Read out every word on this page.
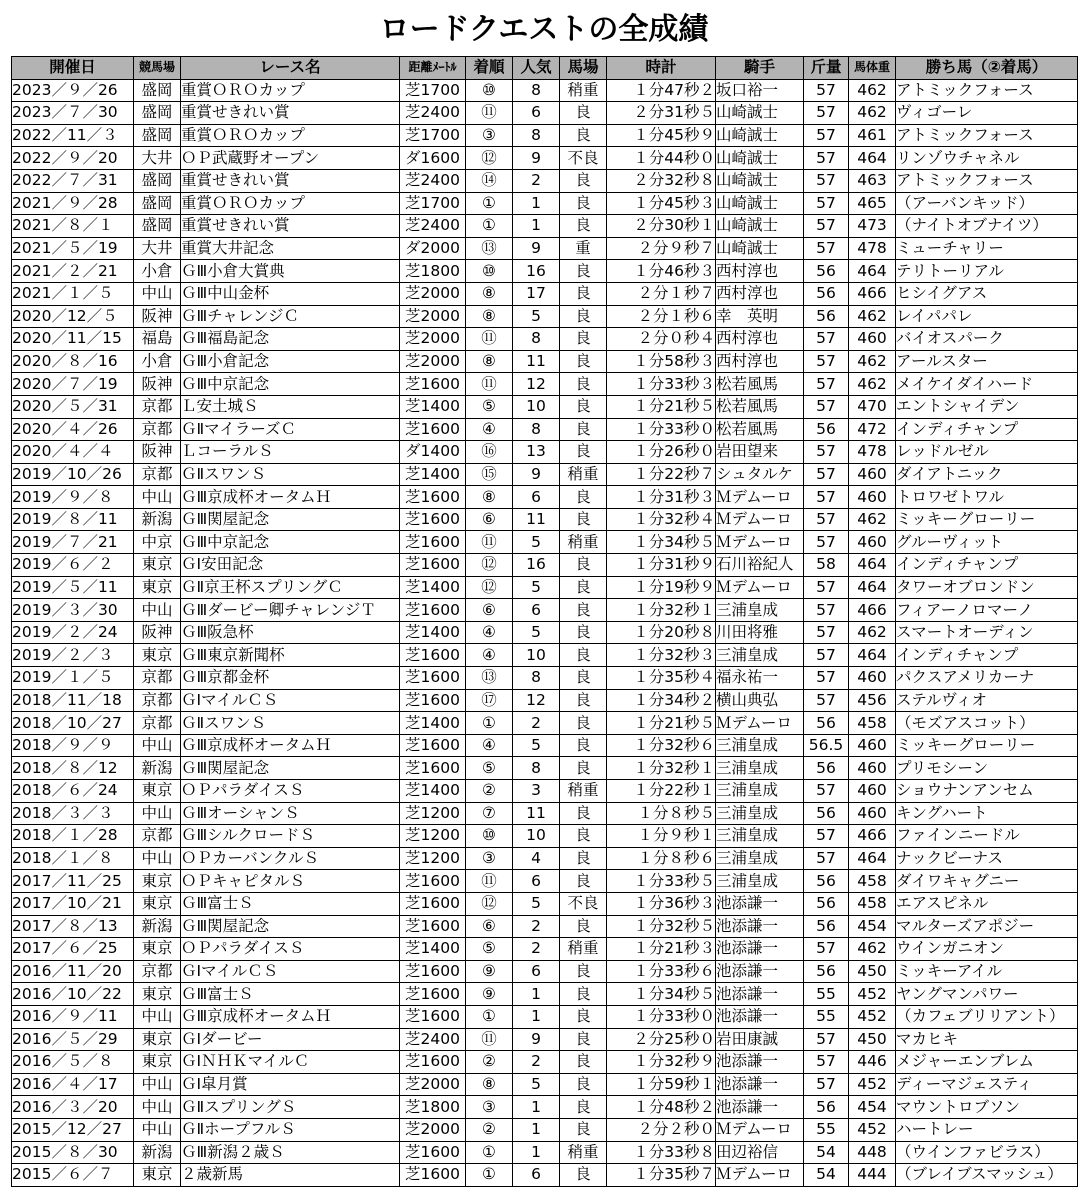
ロードクエストの全成績
開催日	競馬場	レース名	距離ﾒｰﾄﾙ	着順	人気	馬場	時計	騎手	斤量	馬体重	勝ち馬（②着馬）
2023／９／26	盛岡	重賞ＯＲＯカップ	芝1700	⑩	8	稍重	１分47秒２	坂口裕一	57	462	アトミックフォース
2023／７／30	盛岡	重賞せきれい賞	芝2400	⑪	6	良	２分31秒５	山崎誠士	57	462	ヴィゴーレ
2022／11／３	盛岡	重賞ＯＲＯカップ	芝1700	③	8	良	１分45秒９	山崎誠士	57	461	アトミックフォース
2022／９／20	大井	ＯＰ武蔵野オープン	ダ1600	⑫	9	不良	１分44秒０	山崎誠士	57	464	リンゾウチャネル
2022／７／31	盛岡	重賞せきれい賞	芝2400	⑭	2	良	２分32秒８	山崎誠士	57	463	アトミックフォース
2021／９／28	盛岡	重賞ＯＲＯカップ	芝1700	①	1	良	１分45秒３	山崎誠士	57	465	（アーバンキッド）
2021／８／１	盛岡	重賞せきれい賞	芝2400	①	1	良	２分30秒１	山崎誠士	57	473	（ナイトオブナイツ）
2021／５／19	大井	重賞大井記念	ダ2000	⑬	9	重	２分９秒７	山崎誠士	57	478	ミューチャリー
2021／２／21	小倉	ＧⅢ小倉大賞典	芝1800	⑩	16	良	１分46秒３	西村淳也	56	464	テリトーリアル
2021／１／５	中山	ＧⅢ中山金杯	芝2000	⑧	17	良	２分１秒７	西村淳也	56	466	ヒシイグアス
2020／12／５	阪神	ＧⅢチャレンジＣ	芝2000	⑧	5	良	２分１秒６	幸　英明	56	462	レイパパレ
2020／11／15	福島	ＧⅢ福島記念	芝2000	⑪	8	良	２分０秒４	西村淳也	57	460	バイオスパーク
2020／８／16	小倉	ＧⅢ小倉記念	芝2000	⑧	11	良	１分58秒３	西村淳也	57	462	アールスター
2020／７／19	阪神	ＧⅢ中京記念	芝1600	⑪	12	良	１分33秒３	松若風馬	57	462	メイケイダイハード
2020／５／31	京都	Ｌ安土城Ｓ	芝1400	⑤	10	良	１分21秒５	松若風馬	57	470	エントシャイデン
2020／４／26	京都	ＧⅡマイラーズＣ	芝1600	④	8	良	１分33秒０	松若風馬	56	472	インディチャンプ
2020／４／４	阪神	ＬコーラルＳ	ダ1400	⑯	13	良	１分26秒０	岩田望来	57	478	レッドルゼル
2019／10／26	京都	ＧⅡスワンＳ	芝1400	⑮	9	稍重	１分22秒７	シュタルケ	57	460	ダイアトニック
2019／９／８	中山	ＧⅢ京成杯オータムＨ	芝1600	⑧	6	良	１分31秒３	Ｍデムーロ	57	460	トロワゼトワル
2019／８／11	新潟	ＧⅢ関屋記念	芝1600	⑥	11	良	１分32秒４	Ｍデムーロ	57	462	ミッキーグローリー
2019／７／21	中京	ＧⅢ中京記念	芝1600	⑪	5	稍重	１分34秒５	Ｍデムーロ	57	460	グルーヴィット
2019／６／２	東京	ＧⅠ安田記念	芝1600	⑫	16	良	１分31秒９	石川裕紀人	58	464	インディチャンプ
2019／５／11	東京	ＧⅡ京王杯スプリングＣ	芝1400	⑫	5	良	１分19秒９	Ｍデムーロ	57	464	タワーオブロンドン
2019／３／30	中山	ＧⅢダービー卿チャレンジＴ	芝1600	⑥	6	良	１分32秒１	三浦皇成	57	466	フィアーノロマーノ
2019／２／24	阪神	ＧⅢ阪急杯	芝1400	④	5	良	１分20秒８	川田将雅	57	462	スマートオーディン
2019／２／３	東京	ＧⅢ東京新聞杯	芝1600	④	10	良	１分32秒３	三浦皇成	57	464	インディチャンプ
2019／１／５	京都	ＧⅢ京都金杯	芝1600	⑬	8	良	１分35秒４	福永祐一	57	460	パクスアメリカーナ
2018／11／18	京都	ＧⅠマイルＣＳ	芝1600	⑰	12	良	１分34秒２	横山典弘	57	456	ステルヴィオ
2018／10／27	京都	ＧⅡスワンＳ	芝1400	①	2	良	１分21秒５	Ｍデムーロ	56	458	（モズアスコット）
2018／９／９	中山	ＧⅢ京成杯オータムＨ	芝1600	④	5	良	１分32秒６	三浦皇成	56.5	460	ミッキーグローリー
2018／８／12	新潟	ＧⅢ関屋記念	芝1600	⑤	8	良	１分32秒１	三浦皇成	56	460	プリモシーン
2018／６／24	東京	ＯＰパラダイスＳ	芝1400	②	3	稍重	１分22秒１	三浦皇成	57	460	ショウナンアンセム
2018／３／３	中山	ＧⅢオーシャンＳ	芝1200	⑦	11	良	１分８秒５	三浦皇成	56	460	キングハート
2018／１／28	京都	ＧⅢシルクロードＳ	芝1200	⑩	10	良	１分９秒１	三浦皇成	57	466	ファインニードル
2018／１／８	中山	ＯＰカーバンクルＳ	芝1200	③	4	良	１分８秒６	三浦皇成	57	464	ナックビーナス
2017／11／25	東京	ＯＰキャピタルＳ	芝1600	⑪	6	良	１分33秒５	三浦皇成	56	458	ダイワキャグニー
2017／10／21	東京	ＧⅢ富士Ｓ	芝1600	⑫	5	不良	１分36秒３	池添謙一	56	458	エアスピネル
2017／８／13	新潟	ＧⅢ関屋記念	芝1600	⑥	2	良	１分32秒５	池添謙一	56	454	マルターズアポジー
2017／６／25	東京	ＯＰパラダイスＳ	芝1400	⑤	2	稍重	１分21秒３	池添謙一	57	462	ウインガニオン
2016／11／20	京都	ＧⅠマイルＣＳ	芝1600	⑨	6	良	１分33秒６	池添謙一	56	450	ミッキーアイル
2016／10／22	東京	ＧⅢ富士Ｓ	芝1600	⑨	1	良	１分34秒５	池添謙一	55	452	ヤングマンパワー
2016／９／11	中山	ＧⅢ京成杯オータムＨ	芝1600	①	1	良	１分33秒０	池添謙一	55	452	（カフェブリリアント）
2016／５／29	東京	ＧⅠダービー	芝2400	⑪	9	良	２分25秒０	岩田康誠	57	450	マカヒキ
2016／５／８	東京	ＧⅠＮＨＫマイルＣ	芝1600	②	2	良	１分32秒９	池添謙一	57	446	メジャーエンブレム
2016／４／17	中山	ＧⅠ皐月賞	芝2000	⑧	5	良	１分59秒１	池添謙一	57	452	ディーマジェスティ
2016／３／20	中山	ＧⅡスプリングＳ	芝1800	③	1	良	１分48秒２	池添謙一	56	454	マウントロブソン
2015／12／27	中山	ＧⅡホープフルＳ	芝2000	②	1	良	２分２秒０	Ｍデムーロ	55	452	ハートレー
2015／８／30	新潟	ＧⅢ新潟２歳Ｓ	芝1600	①	1	稍重	１分33秒８	田辺裕信	54	448	（ウインファビラス）
2015／６／７	東京	２歳新馬	芝1600	①	6	良	１分35秒７	Ｍデムーロ	54	444	（ブレイブスマッシュ）
